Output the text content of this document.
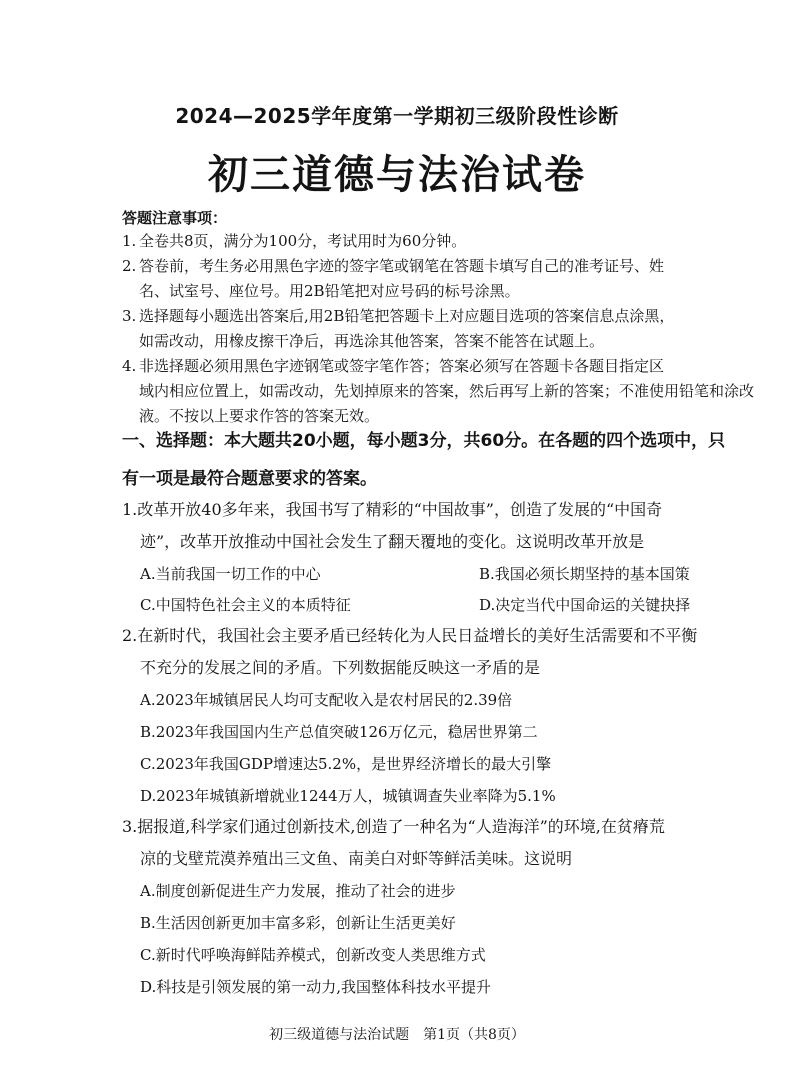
2024—2025学年度第一学期初三级阶段性诊断
初三道德与法治试卷
答题注意事项：
1. 全卷共8页，满分为100分，考试用时为60分钟。
2. 答卷前，考生务必用黑色字迹的签字笔或钢笔在答题卡填写自己的准考证号、姓
名、试室号、座位号。用2B铅笔把对应号码的标号涂黑。
3. 选择题每小题选出答案后,用2B铅笔把答题卡上对应题目选项的答案信息点涂黑，
如需改动，用橡皮擦干净后，再选涂其他答案，答案不能答在试题上。
4. 非选择题必须用黑色字迹钢笔或签字笔作答；答案必须写在答题卡各题目指定区
域内相应位置上，如需改动，先划掉原来的答案，然后再写上新的答案；不准使用铅笔和涂改液。不按以上要求作答的答案无效。
一、选择题：本大题共20小题，每小题3分，共60分。在各题的四个选项中，只
有一项是最符合题意要求的答案。
1.改革开放40多年来，我国书写了精彩的“中国故事”，创造了发展的“中国奇
迹”，改革开放推动中国社会发生了翻天覆地的变化。这说明改革开放是
A.当前我国一切工作的中心	B.我国必须长期坚持的基本国策
C.中国特色社会主义的本质特征	D.决定当代中国命运的关键抉择
2.在新时代，我国社会主要矛盾已经转化为人民日益增长的美好生活需要和不平衡
不充分的发展之间的矛盾。下列数据能反映这一矛盾的是
A.2023年城镇居民人均可支配收入是农村居民的2.39倍
B.2023年我国国内生产总值突破126万亿元，稳居世界第二
C.2023年我国GDP增速达5.2%，是世界经济增长的最大引擎
D.2023年城镇新增就业1244万人，城镇调查失业率降为5.1%
3.据报道,科学家们通过创新技术,创造了一种名为“人造海洋”的环境,在贫瘠荒
凉的戈壁荒漠养殖出三文鱼、南美白对虾等鲜活美味。这说明
A.制度创新促进生产力发展，推动了社会的进步
B.生活因创新更加丰富多彩，创新让生活更美好
C.新时代呼唤海鲜陆养模式，创新改变人类思维方式
D.科技是引领发展的第一动力,我国整体科技水平提升
初三级道德与法治试题　第1页（共8页）
